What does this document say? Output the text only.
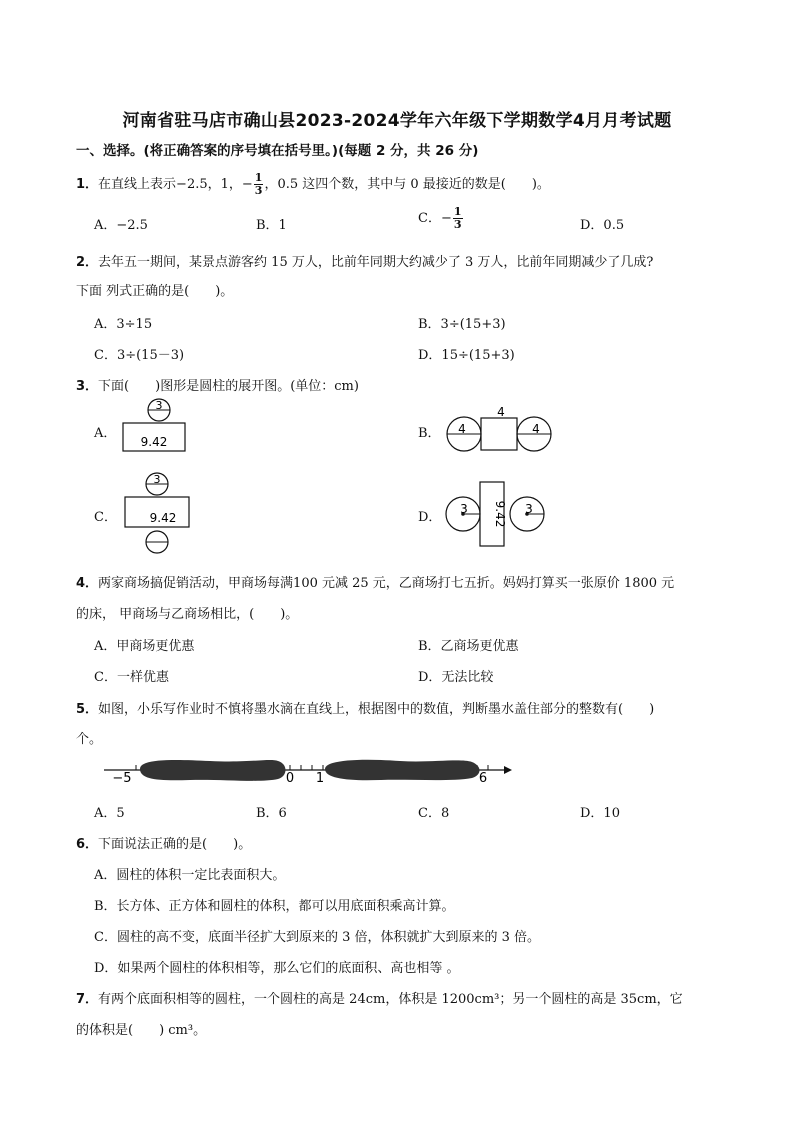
河南省驻马店市确山县2023-2024学年六年级下学期数学4月月考试题
一、选择。(将正确答案的序号填在括号里。)(每题 2 分，共 26 分)
1．在直线上表示−2.5，1，− $\frac{1}{3}$ ，0.5 这四个数，其中与 0 最接近的数是(　　)。
A．−2.5	B．1	C．− $\frac{1}{3}$	D．0.5
2．去年五一期间，某景点游客约 15 万人，比前年同期大约减少了 3 万人，比前年同期减少了几成?
下面 列式正确的是(　　)。
A．3÷15	B．3÷(15+3)
C．3÷(15－3)	D．15÷(15+3)
3．下面(　　)图形是圆柱的展开图。(单位：cm)
A．
3
9.42
B． 4
4
4
C．
3
9.42	D．
3 9.42 3
4．两家商场搞促销活动，甲商场每满100 元减 25 元，乙商场打七五折。妈妈打算买一张原价 1800 元
的床， 甲商场与乙商场相比，(　　)。
A．甲商场更优惠	B．乙商场更优惠
C．一样优惠	D．无法比较
5．如图，小乐写作业时不慎将墨水滴在直线上，根据图中的数值，判断墨水盖住部分的整数有(　　)
个。
−5	0 1	6
A．5	B．6	C．8	D．10
6．下面说法正确的是(　　)。
A．圆柱的体积一定比表面积大。
B．长方体、正方体和圆柱的体积，都可以用底面积乘高计算。
C．圆柱的高不变，底面半径扩大到原来的 3 倍，体积就扩大到原来的 3 倍。
D．如果两个圆柱的体积相等，那么它们的底面积、高也相等 。
7．有两个底面积相等的圆柱，一个圆柱的高是 24cm，体积是 1200cm³；另一个圆柱的高是 35cm，它
的体积是(　　) cm³。
